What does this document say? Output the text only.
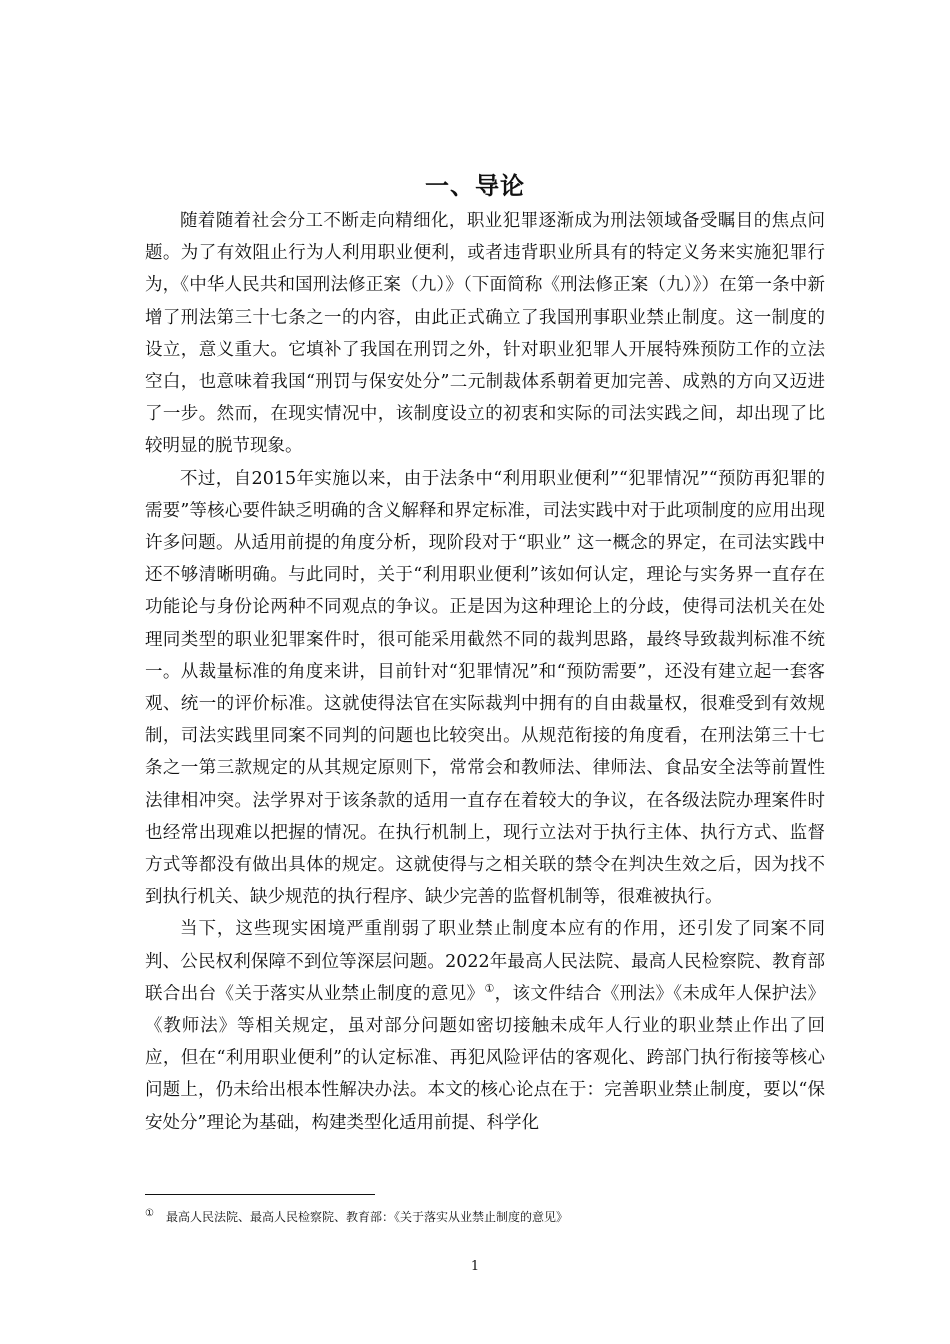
一、导论

随着随着社会分工不断走向精细化，职业犯罪逐渐成为刑法领域备受瞩目的焦点问题。为了有效阻止行为人利用职业便利，或者违背职业所具有的特定义务来实施犯罪行为，《中华人民共和国刑法修正案（九）》（下面简称《刑法修正案（九）》）在第一条中新增了刑法第三十七条之一的内容，由此正式确立了我国刑事职业禁止制度。这一制度的设立，意义重大。它填补了我国在刑罚之外，针对职业犯罪人开展特殊预防工作的立法空白，也意味着我国“刑罚与保安处分”二元制裁体系朝着更加完善、成熟的方向又迈进了一步。然而，在现实情况中，该制度设立的初衷和实际的司法实践之间，却出现了比较明显的脱节现象。

不过，自2015年实施以来，由于法条中“利用职业便利”“犯罪情况”“预防再犯罪的需要”等核心要件缺乏明确的含义解释和界定标准，司法实践中对于此项制度的应用出现许多问题。从适用前提的角度分析，现阶段对于“职业” 这一概念的界定，在司法实践中还不够清晰明确。与此同时，关于“利用职业便利”该如何认定，理论与实务界一直存在功能论与身份论两种不同观点的争议。正是因为这种理论上的分歧，使得司法机关在处理同类型的职业犯罪案件时，很可能采用截然不同的裁判思路，最终导致裁判标准不统一。从裁量标准的角度来讲，目前针对“犯罪情况”和“预防需要”，还没有建立起一套客观、统一的评价标准。这就使得法官在实际裁判中拥有的自由裁量权，很难受到有效规制，司法实践里同案不同判的问题也比较突出。从规范衔接的角度看，在刑法第三十七条之一第三款规定的从其规定原则下，常常会和教师法、律师法、食品安全法等前置性法律相冲突。法学界对于该条款的适用一直存在着较大的争议，在各级法院办理案件时也经常出现难以把握的情况。在执行机制上，现行立法对于执行主体、执行方式、监督方式等都没有做出具体的规定。这就使得与之相关联的禁令在判决生效之后，因为找不到执行机关、缺少规范的执行程序、缺少完善的监督机制等，很难被执行。

当下，这些现实困境严重削弱了职业禁止制度本应有的作用，还引发了同案不同判、公民权利保障不到位等深层问题。2022年最高人民法院、最高人民检察院、教育部联合出台《关于落实从业禁止制度的意见》①，该文件结合《刑法》《未成年人保护法》《教师法》等相关规定，虽对部分问题如密切接触未成年人行业的职业禁止作出了回应，但在“利用职业便利”的认定标准、再犯风险评估的客观化、跨部门执行衔接等核心问题上，仍未给出根本性解决办法。本文的核心论点在于：完善职业禁止制度，要以“保安处分”理论为基础，构建类型化适用前提、科学化

① 最高人民法院、最高人民检察院、教育部：《关于落实从业禁止制度的意见》
1
